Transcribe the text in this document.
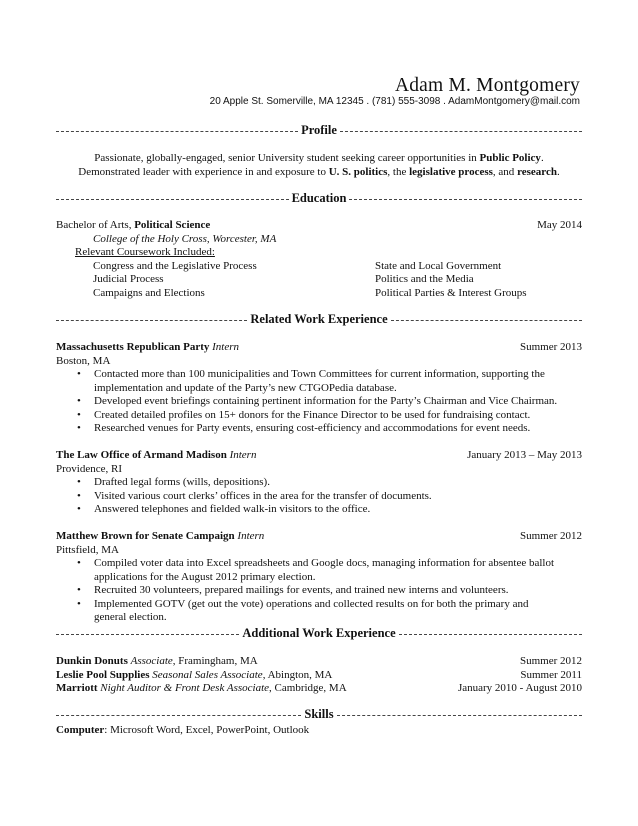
Adam M. Montgomery
20 Apple St. Somerville, MA 12345 . (781) 555-3098 . AdamMontgomery@mail.com
Profile
Passionate, globally-engaged, senior University student seeking career opportunities in Public Policy.
Demonstrated leader with experience in and exposure to U. S. politics, the legislative process, and research.
Education
Bachelor of Arts, Political Science	May 2014
College of the Holy Cross, Worcester, MA
Relevant Coursework Included:
Congress and the Legislative Process	State and Local Government
Judicial Process	Politics and the Media
Campaigns and Elections	Political Parties & Interest Groups
Related Work Experience
Massachusetts Republican Party Intern	Summer 2013
Boston, MA
• Contacted more than 100 municipalities and Town Committees for current information, supporting the
implementation and update of the Party’s new CTGOPedia database.
• Developed event briefings containing pertinent information for the Party’s Chairman and Vice Chairman.
• Created detailed profiles on 15+ donors for the Finance Director to be used for fundraising contact.
• Researched venues for Party events, ensuring cost-efficiency and accommodations for event needs.
The Law Office of Armand Madison Intern	January 2013 – May 2013
Providence, RI
• Drafted legal forms (wills, depositions).
• Visited various court clerks’ offices in the area for the transfer of documents.
• Answered telephones and fielded walk-in visitors to the office.
Matthew Brown for Senate Campaign Intern	Summer 2012
Pittsfield, MA
• Compiled voter data into Excel spreadsheets and Google docs, managing information for absentee ballot
applications for the August 2012 primary election.
• Recruited 30 volunteers, prepared mailings for events, and trained new interns and volunteers.
• Implemented GOTV (get out the vote) operations and collected results on for both the primary and
general election.
Additional Work Experience
Dunkin Donuts Associate, Framingham, MA	Summer 2012
Leslie Pool Supplies Seasonal Sales Associate, Abington, MA	Summer 2011
Marriott Night Auditor & Front Desk Associate, Cambridge, MA	January 2010 - August 2010
Skills
Computer: Microsoft Word, Excel, PowerPoint, Outlook
